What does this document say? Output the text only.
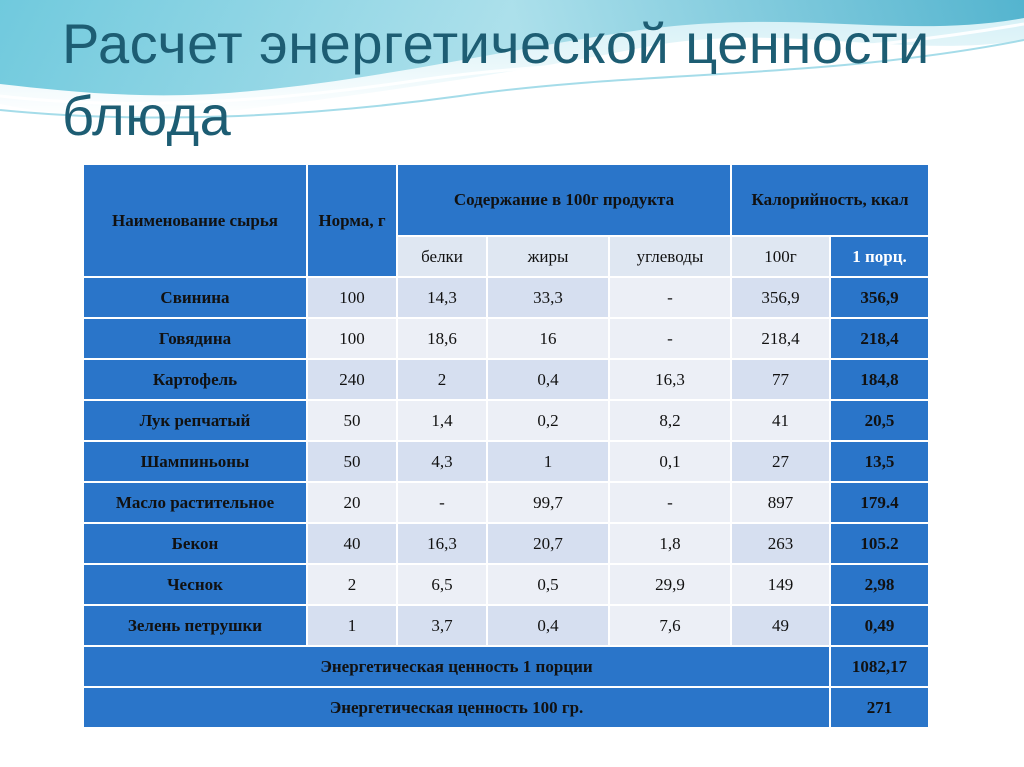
Расчет энергетической ценности блюда
Наименование сырья	Норма, г	Содержание в 100г продукта			Калорийность, ккал	
		белки	жиры	углеводы	100г	1 порц.
Свинина	100	14,3	33,3	-	356,9	356,9
Говядина	100	18,6	16	-	218,4	218,4
Картофель	240	2	0,4	16,3	77	184,8
Лук репчатый	50	1,4	0,2	8,2	41	20,5
Шампиньоны	50	4,3	1	0,1	27	13,5
Масло растительное	20	-	99,7	-	897	179.4
Бекон	40	16,3	20,7	1,8	263	105.2
Чеснок	2	6,5	0,5	29,9	149	2,98
Зелень петрушки	1	3,7	0,4	7,6	49	0,49
Энергетическая ценность 1 порции						1082,17
Энергетическая ценность 100 гр.						271
